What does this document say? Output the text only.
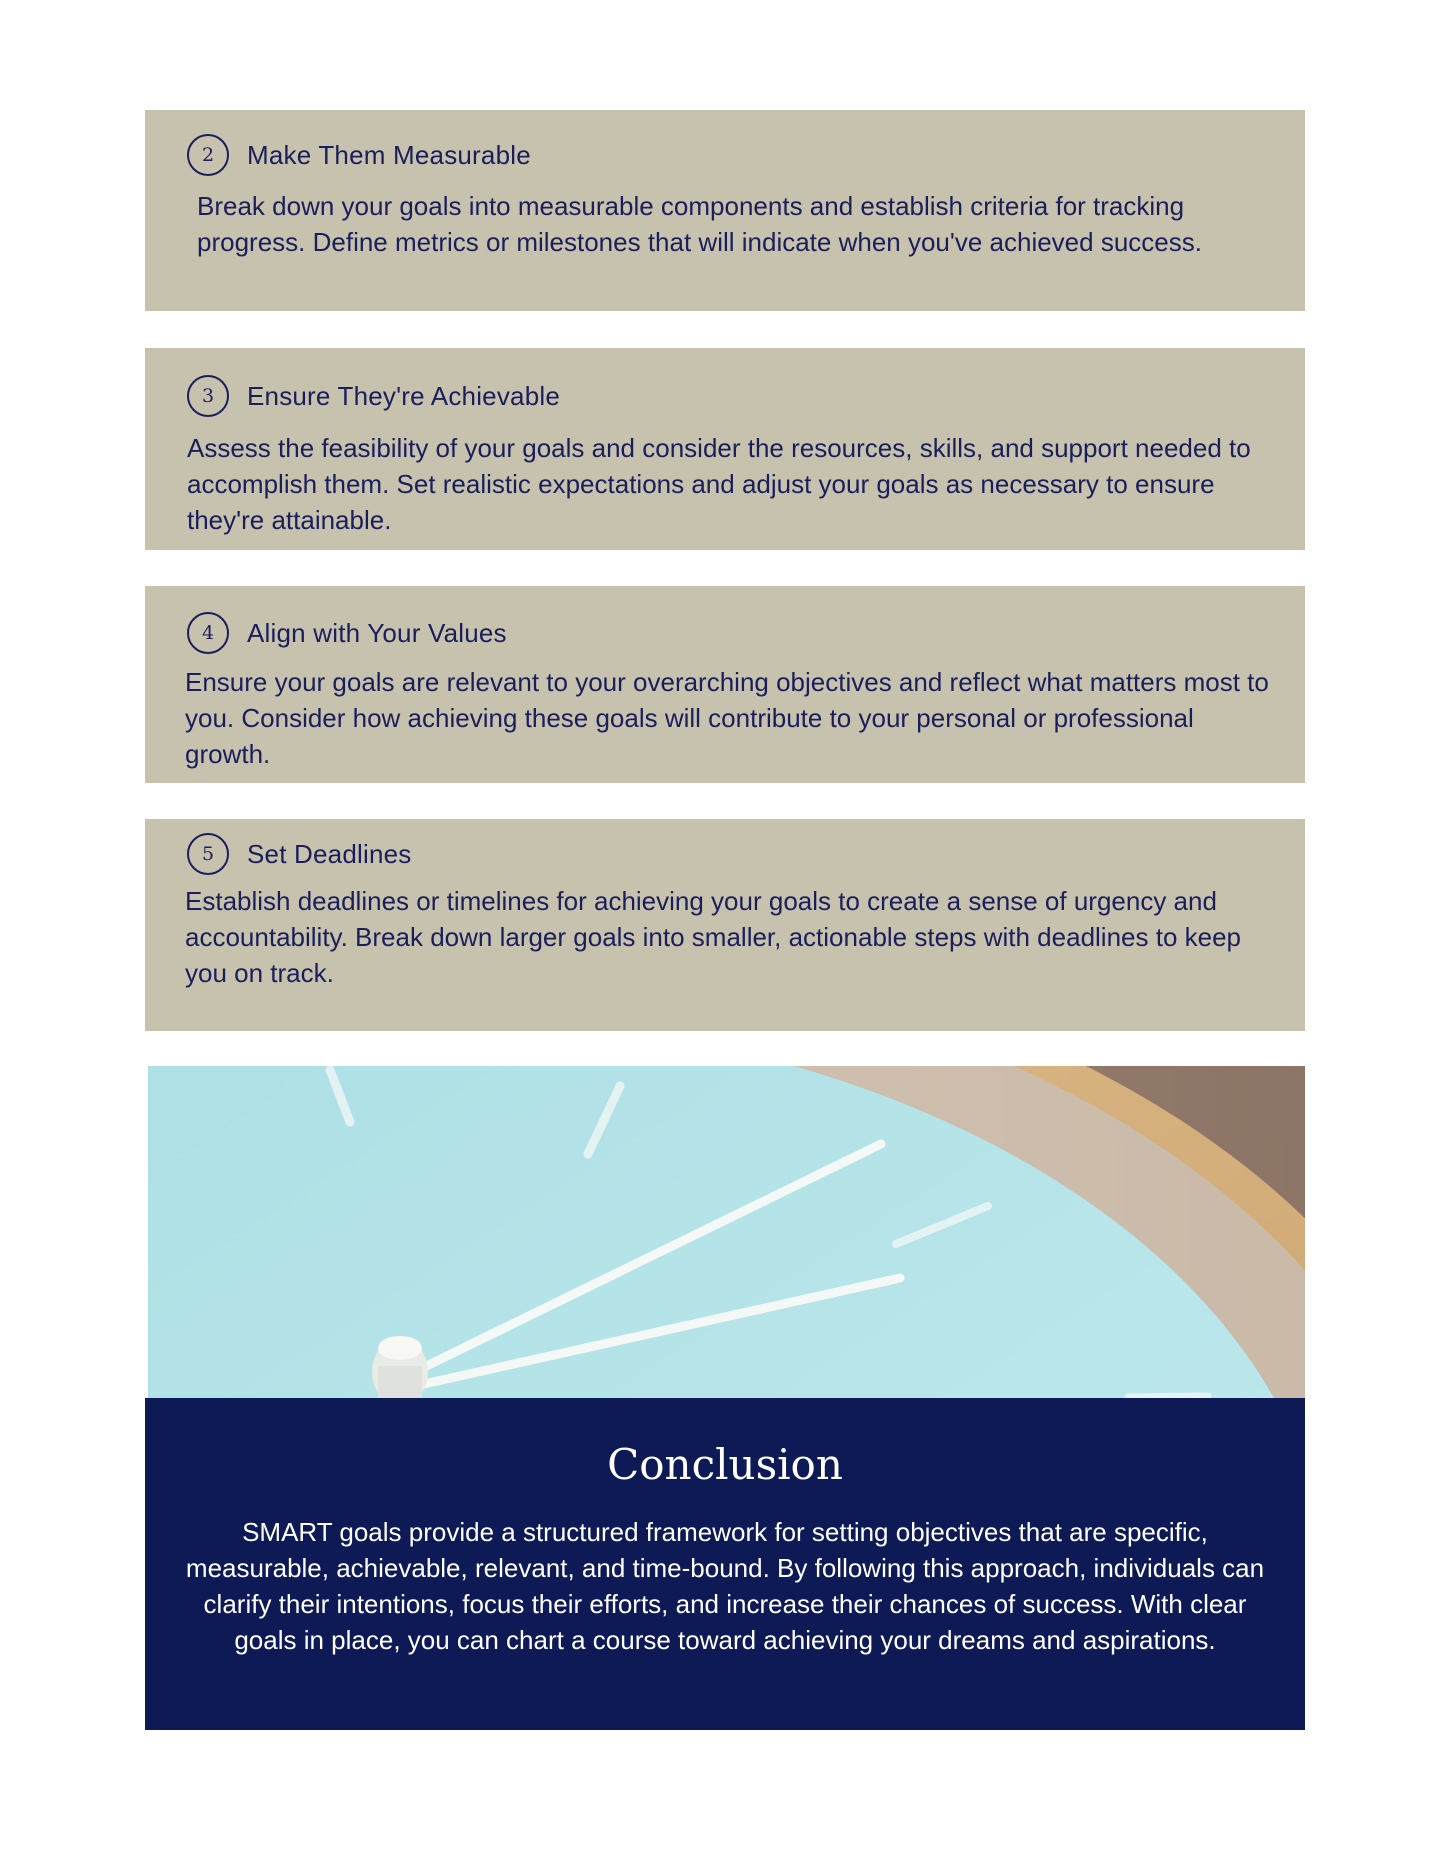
2	Make Them Measurable

Break down your goals into measurable components and establish criteria for tracking progress. Define metrics or milestones that will indicate when you've achieved success.

3	Ensure They're Achievable

Assess the feasibility of your goals and consider the resources, skills, and support needed to accomplish them. Set realistic expectations and adjust your goals as necessary to ensure they're attainable.

4	Align with Your Values

Ensure your goals are relevant to your overarching objectives and reflect what matters most to you. Consider how achieving these goals will contribute to your personal or professional growth.

5	Set Deadlines

Establish deadlines or timelines for achieving your goals to create a sense of urgency and accountability. Break down larger goals into smaller, actionable steps with deadlines to keep you on track.

Conclusion

SMART goals provide a structured framework for setting objectives that are specific, measurable, achievable, relevant, and time-bound. By following this approach, individuals can clarify their intentions, focus their efforts, and increase their chances of success. With clear goals in place, you can chart a course toward achieving your dreams and aspirations.
